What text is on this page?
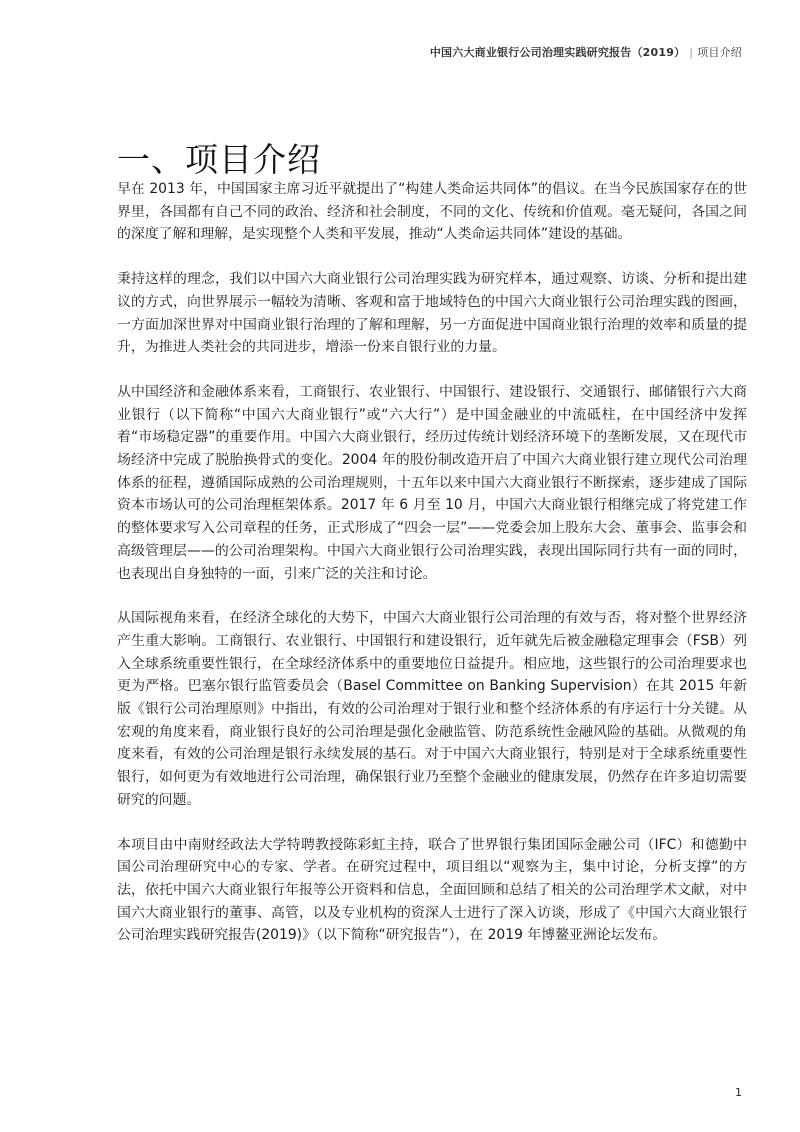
中国六大商业银行公司治理实践研究报告（2019） | 项目介绍
一、项目介绍

早在 2013 年，中国国家主席习近平就提出了“构建人类命运共同体”的倡议。在当今民族国家存在的世界里，各国都有自己不同的政治、经济和社会制度，不同的文化、传统和价值观。毫无疑问，各国之间的深度了解和理解，是实现整个人类和平发展，推动“人类命运共同体”建设的基础。

秉持这样的理念，我们以中国六大商业银行公司治理实践为研究样本，通过观察、访谈、分析和提出建议的方式，向世界展示一幅较为清晰、客观和富于地域特色的中国六大商业银行公司治理实践的图画，一方面加深世界对中国商业银行治理的了解和理解，另一方面促进中国商业银行治理的效率和质量的提升，为推进人类社会的共同进步，增添一份来自银行业的力量。

从中国经济和金融体系来看，工商银行、农业银行、中国银行、建设银行、交通银行、邮储银行六大商业银行（以下简称“中国六大商业银行”或“六大行”）是中国金融业的中流砥柱，在中国经济中发挥着“市场稳定器”的重要作用。中国六大商业银行，经历过传统计划经济环境下的垄断发展，又在现代市场经济中完成了脱胎换骨式的变化。2004 年的股份制改造开启了中国六大商业银行建立现代公司治理体系的征程，遵循国际成熟的公司治理规则，十五年以来中国六大商业银行不断探索，逐步建成了国际资本市场认可的公司治理框架体系。2017 年 6 月至 10 月，中国六大商业银行相继完成了将党建工作的整体要求写入公司章程的任务，正式形成了“四会一层”——党委会加上股东大会、董事会、监事会和高级管理层——的公司治理架构。中国六大商业银行公司治理实践，表现出国际同行共有一面的同时，也表现出自身独特的一面，引来广泛的关注和讨论。

从国际视角来看，在经济全球化的大势下，中国六大商业银行公司治理的有效与否，将对整个世界经济产生重大影响。工商银行、农业银行、中国银行和建设银行，近年就先后被金融稳定理事会（FSB）列入全球系统重要性银行，在全球经济体系中的重要地位日益提升。相应地，这些银行的公司治理要求也更为严格。巴塞尔银行监管委员会（Basel Committee on Banking Supervision）在其 2015 年新版《银行公司治理原则》中指出，有效的公司治理对于银行业和整个经济体系的有序运行十分关键。从宏观的角度来看，商业银行良好的公司治理是强化金融监管、防范系统性金融风险的基础。从微观的角度来看，有效的公司治理是银行永续发展的基石。对于中国六大商业银行，特别是对于全球系统重要性银行，如何更为有效地进行公司治理，确保银行业乃至整个金融业的健康发展，仍然存在许多迫切需要研究的问题。

本项目由中南财经政法大学特聘教授陈彩虹主持，联合了世界银行集团国际金融公司（IFC）和德勤中国公司治理研究中心的专家、学者。在研究过程中，项目组以“观察为主，集中讨论，分析支撑”的方法，依托中国六大商业银行年报等公开资料和信息，全面回顾和总结了相关的公司治理学术文献，对中国六大商业银行的董事、高管，以及专业机构的资深人士进行了深入访谈，形成了《中国六大商业银行公司治理实践研究报告(2019)》（以下简称“研究报告”），在 2019 年博鳌亚洲论坛发布。

1
